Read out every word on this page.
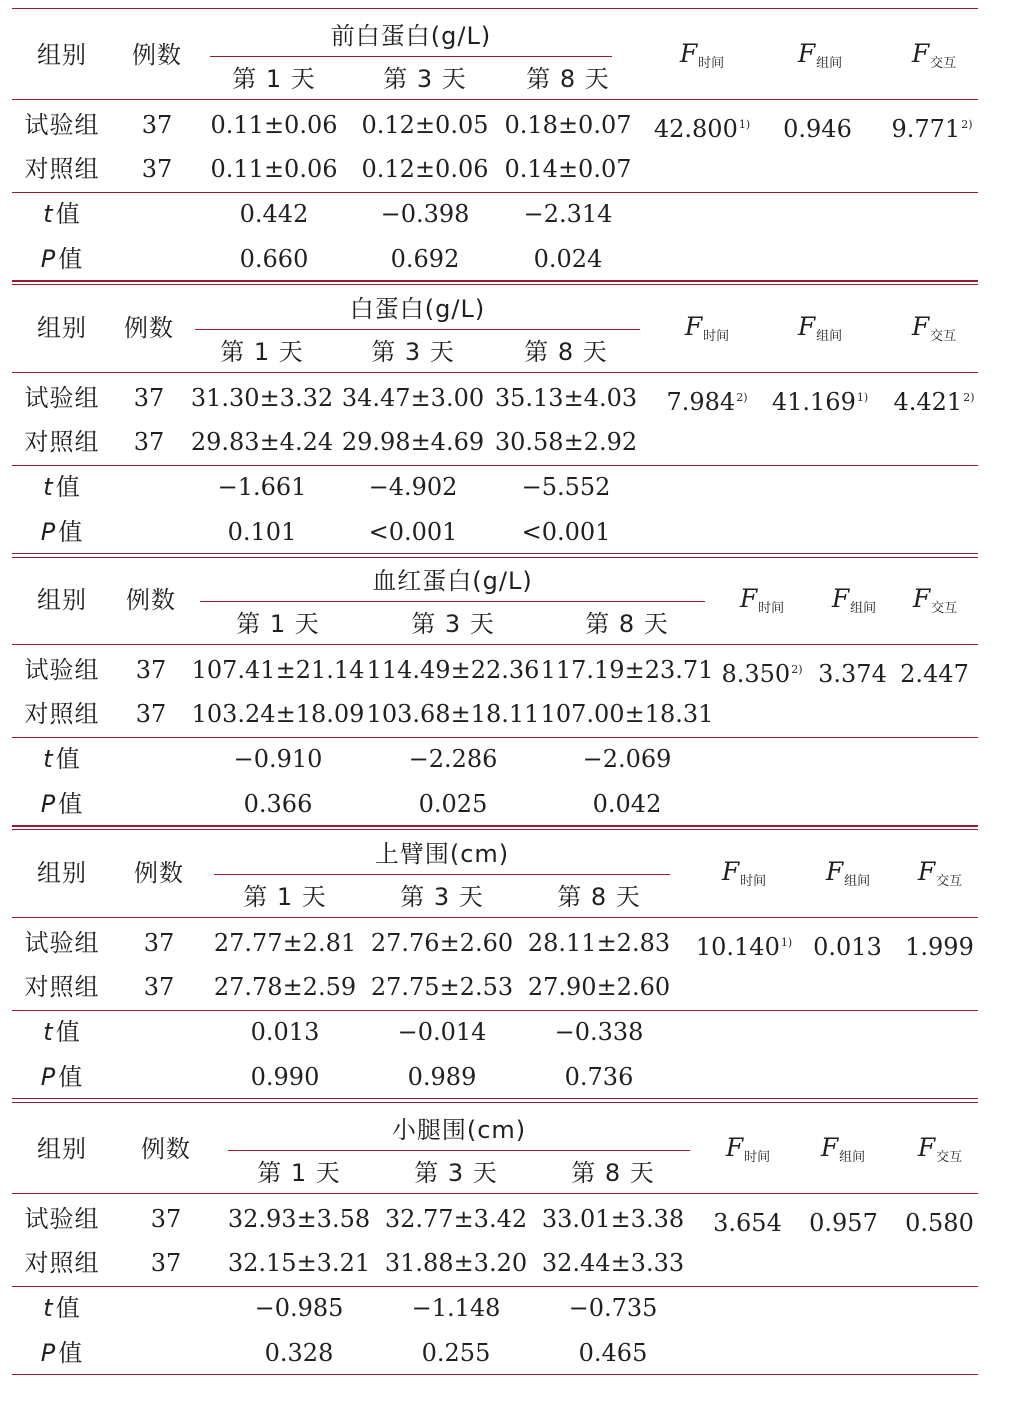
组别 例数
前白蛋白(g/L)
第 1 天	第 3 天 第 8 天
$F_{时间}$	$F_{组间}$	$F_{交互}$
试验组 37 0.11±0.06 0.12±0.05 0.18±0.07 42.800$^{1)}$ 0.946 9.771$^{2)}$
对照组 37 0.11±0.06 0.12±0.06 0.14±0.07
t值	0.442	−0.398 −2.314
P值	0.660	0.692	0.024
组别 例数
白蛋白(g/L)
第 1 天	第 3 天	第 8 天
$F_{时间}$	$F_{组间}$	$F_{交互}$
试验组 37 31.30±3.32 34.47±3.00 35.13±4.03 7.984$^{2)}$ 41.169$^{1)}$ 4.421$^{2)}$
对照组 37 29.83±4.24 29.98±4.69 30.58±2.92
t值	−1.661	−4.902	−5.552
P值	0.101	<0.001	<0.001
组别 例数
血红蛋白(g/L)
第 1 天	第 3 天	第 8 天
$F_{时间}$ $F_{组间}$ $F_{交互}$
试验组 37 107.41±21.14 114.49±22.36 117.19±23.71 8.350$^{2)}$ 3.374 2.447
对照组 37 103.24±18.09 103.68±18.11 107.00±18.31
t值	−0.910	−2.286	−2.069
P值	0.366	0.025	0.042
组别 例数
上臂围(cm)
第 1 天	第 3 天	第 8 天
$F_{时间}$ $F_{组间}$ $F_{交互}$
试验组 37 27.77±2.81 27.76±2.60 28.11±2.83 10.140$^{1)}$ 0.013 1.999
对照组 37 27.78±2.59 27.75±2.53 27.90±2.60
t值	0.013	−0.014	−0.338
P值	0.990	0.989	0.736
组别 例数
小腿围(cm)
第 1 天	第 3 天	第 8 天
$F_{时间}$ $F_{组间}$ $F_{交互}$
试验组 37 32.93±3.58 32.77±3.42 33.01±3.38 3.654 0.957 0.580
对照组 37 32.15±3.21 31.88±3.20 32.44±3.33
t值	−0.985	−1.148	−0.735
P值	0.328	0.255	0.465
